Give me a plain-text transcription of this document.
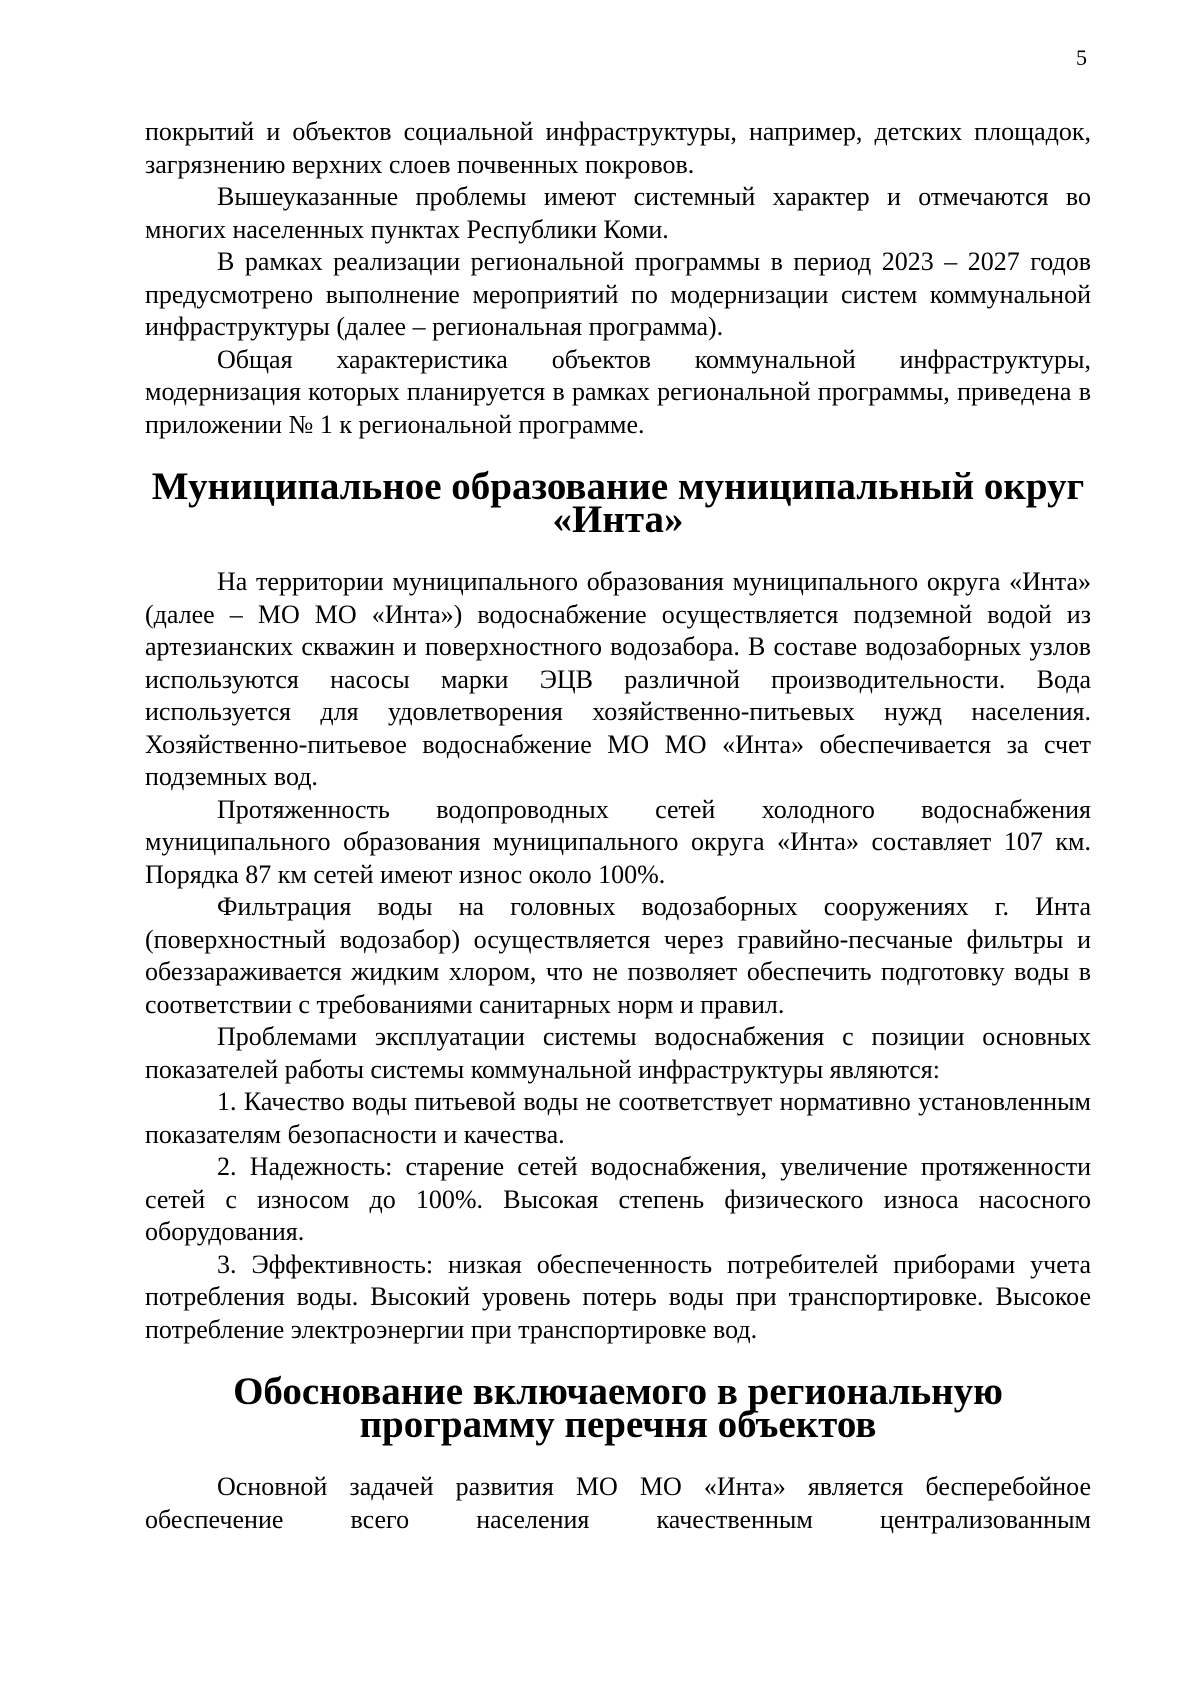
5

покрытий и объектов социальной инфраструктуры, например, детских площадок, загрязнению верхних слоев почвенных покровов.

Вышеуказанные проблемы имеют системный характер и отмечаются во многих населенных пунктах Республики Коми.

В рамках реализации региональной программы в период 2023 – 2027 годов предусмотрено выполнение мероприятий по модернизации систем коммунальной инфраструктуры (далее – региональная программа).

Общая характеристика объектов коммунальной инфраструктуры, модернизация которых планируется в рамках региональной программы, приведена в приложении № 1 к региональной программе.

Муниципальное образование муниципальный округ «Инта»

На территории муниципального образования муниципального округа «Инта» (далее – МО МО «Инта») водоснабжение осуществляется подземной водой из артезианских скважин и поверхностного водозабора. В составе водозаборных узлов используются насосы марки ЭЦВ различной производительности. Вода используется для удовлетворения хозяйственно-питьевых нужд населения. Хозяйственно-питьевое водоснабжение МО МО «Инта» обеспечивается за счет подземных вод.

Протяженность водопроводных сетей холодного водоснабжения муниципального образования муниципального округа «Инта» составляет 107 км. Порядка 87 км сетей имеют износ около 100%.

Фильтрация воды на головных водозаборных сооружениях г. Инта (поверхностный водозабор) осуществляется через гравийно-песчаные фильтры и обеззараживается жидким хлором, что не позволяет обеспечить подготовку воды в соответствии с требованиями санитарных норм и правил.

Проблемами эксплуатации системы водоснабжения с позиции основных показателей работы системы коммунальной инфраструктуры являются:

1. Качество воды питьевой воды не соответствует нормативно установленным показателям безопасности и качества.

2. Надежность: старение сетей водоснабжения, увеличение протяженности сетей с износом до 100%. Высокая степень физического износа насосного оборудования.

3. Эффективность: низкая обеспеченность потребителей приборами учета потребления воды. Высокий уровень потерь воды при транспортировке. Высокое потребление электроэнергии при транспортировке вод.

Обоснование включаемого в региональную программу перечня объектов

Основной задачей развития МО МО «Инта» является бесперебойное обеспечение всего населения качественным централизованным
